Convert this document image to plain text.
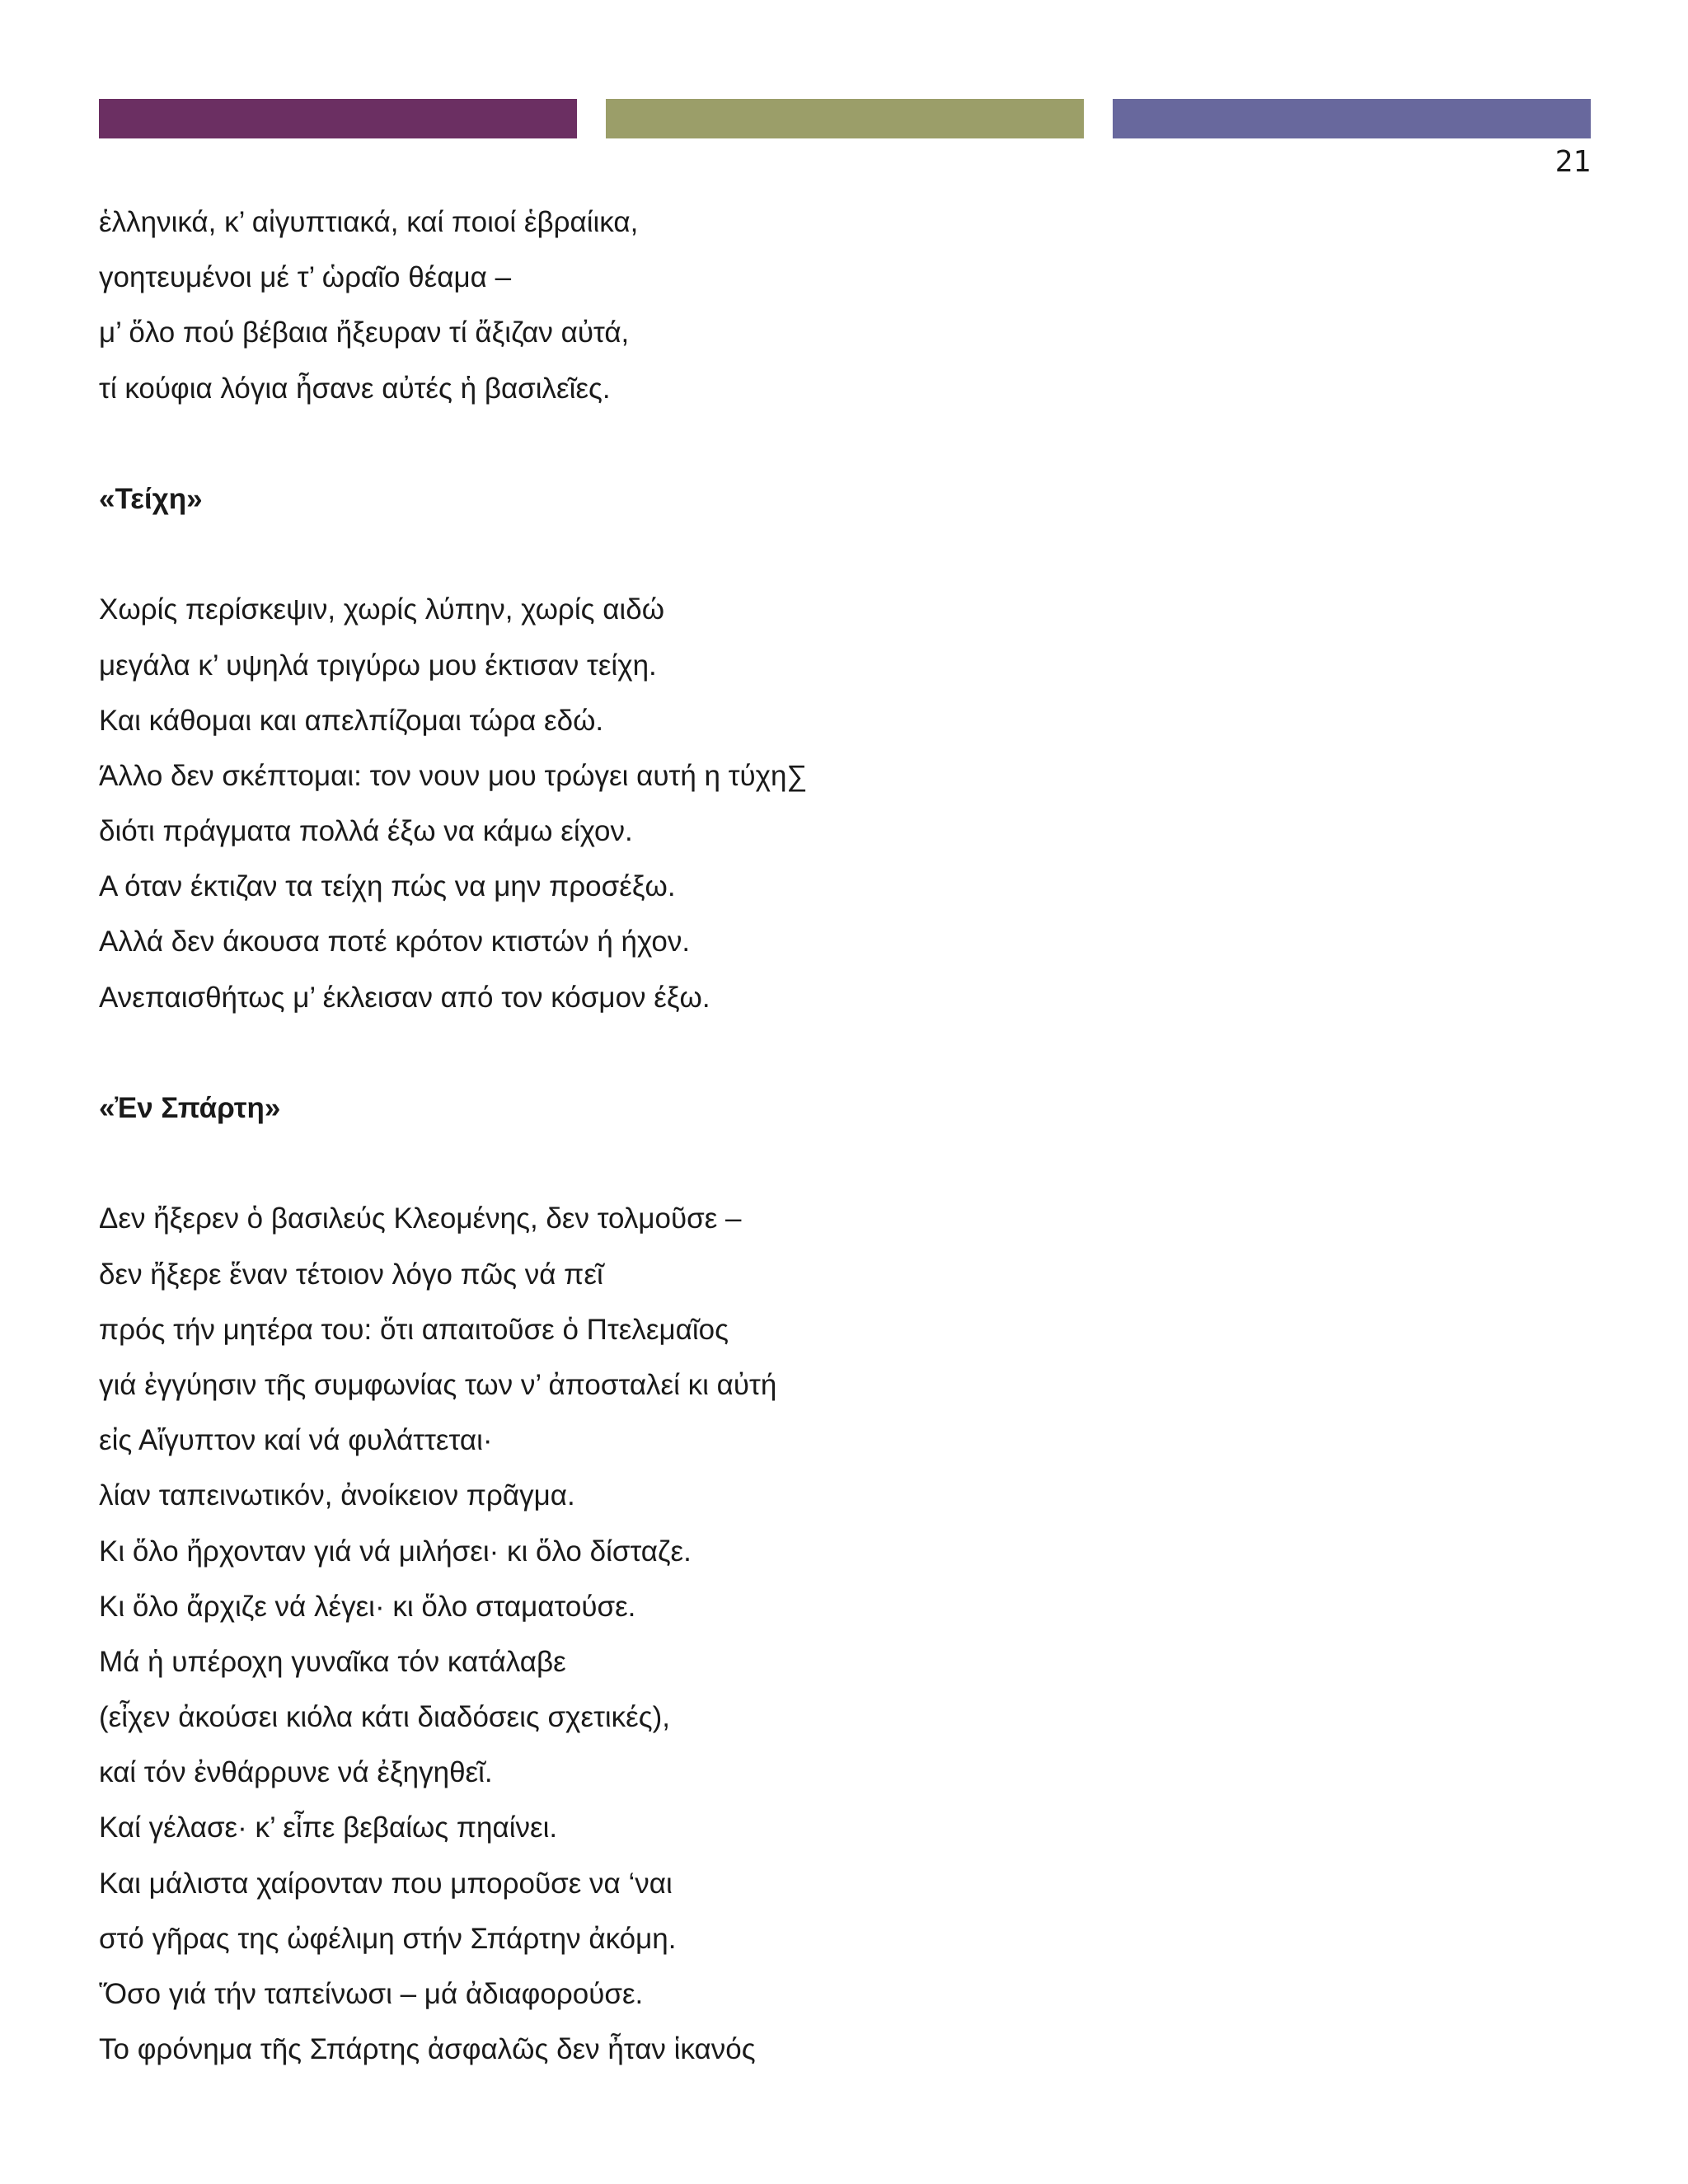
21
ἑλληνικά, κ’ αἰγυπτιακά, καί ποιοί ἑβραίικα,
γοητευμένοι μέ τ’ ὡραῖο θέαμα –
μ’ ὅλο πού βέβαια ἤξευραν τί ἄξιζαν αὐτά,
τί κούφια λόγια ἦσανε αὐτές ἡ βασιλεῖες.
«Τείχη»
Χωρίς περίσκεψιν, χωρίς λύπην, χωρίς αιδώ
μεγάλα κ’ υψηλά τριγύρω μου έκτισαν τείχη.
Και κάθομαι και απελπίζομαι τώρα εδώ.
Άλλο δεν σκέπτομαι: τον νουν μου τρώγει αυτή η τύχη∑
διότι πράγματα πολλά έξω να κάμω είχον.
Α όταν έκτιζαν τα τείχη πώς να μην προσέξω.
Αλλά δεν άκουσα ποτέ κρότον κτιστών ή ήχον.
Ανεπαισθήτως μ’ έκλεισαν από τον κόσμον έξω.
«Ἐν Σπάρτη»
Δεν ἤξερεν ὁ βασιλεύς Κλεομένης, δεν τολμοῦσε –
δεν ἤξερε ἕναν τέτοιον λόγο πῶς νά πεῖ
πρός τήν μητέρα του: ὅτι απαιτοῦσε ὁ Πτελεμαῖος
γιά ἐγγύησιν τῆς συμφωνίας των ν’ ἀποσταλεί κι αὐτή
εἰς Αἴγυπτον καί νά φυλάττεται·
λίαν ταπεινωτικόν, ἀνοίκειον πρᾶγμα.
Κι ὅλο ἤρχονταν γιά νά μιλήσει· κι ὅλο δίσταζε.
Κι ὅλο ἄρχιζε νά λέγει· κι ὅλο σταματούσε.
Μά ἡ υπέροχη γυναῖκα τόν κατάλαβε
(εἶχεν ἀκούσει κιόλα κάτι διαδόσεις σχετικές),
καί τόν ἐνθάρρυνε νά ἐξηγηθεῖ.
Καί γέλασε· κ’ εἶπε βεβαίως πηαίνει.
Και μάλιστα χαίρονταν που μποροῦσε να ‘ναι
στό γῆρας της ὠφέλιμη στήν Σπάρτην ἀκόμη.
Ὅσο γιά τήν ταπείνωσι – μά ἀδιαφορούσε.
Το φρόνημα τῆς Σπάρτης ἀσφαλῶς δεν ἦταν ἱκανός
